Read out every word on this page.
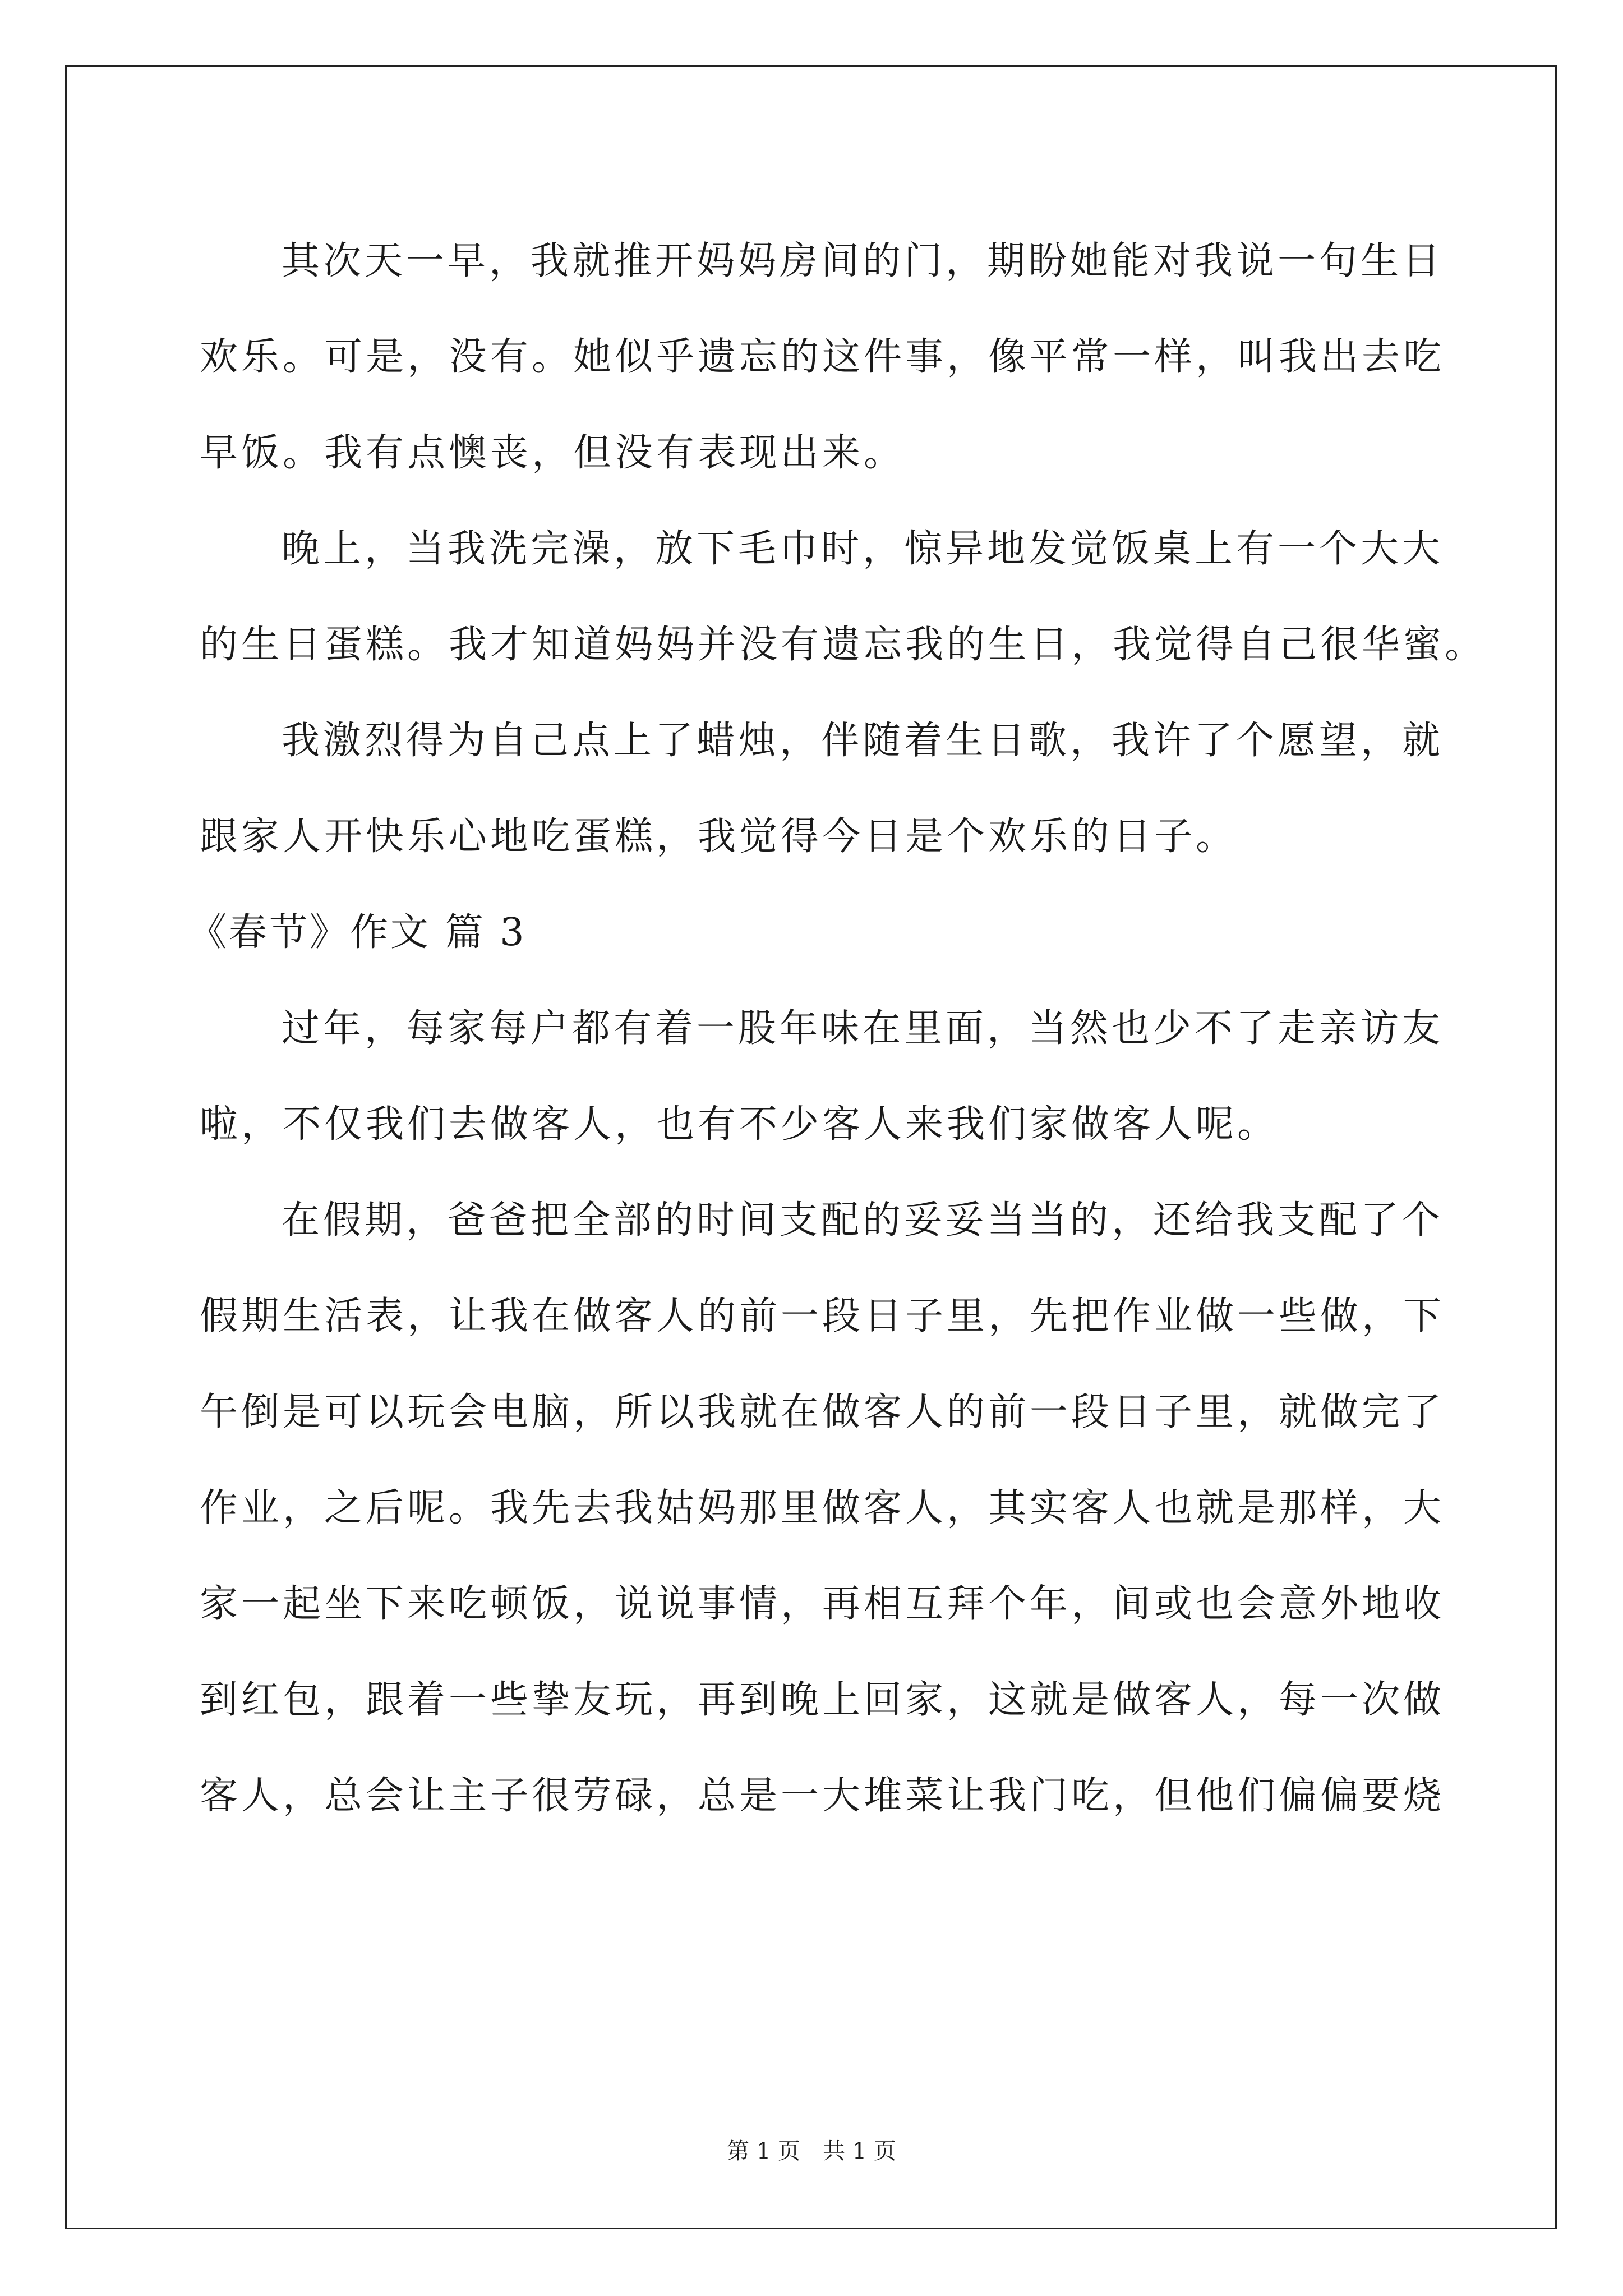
其次天一早，我就推开妈妈房间的门，期盼她能对我说一句生日
欢乐。可是，没有。她似乎遗忘的这件事，像平常一样，叫我出去吃
早饭。我有点懊丧，但没有表现出来。
晚上，当我洗完澡，放下毛巾时，惊异地发觉饭桌上有一个大大
的生日蛋糕。我才知道妈妈并没有遗忘我的生日，我觉得自己很华蜜。
我激烈得为自己点上了蜡烛，伴随着生日歌，我许了个愿望，就
跟家人开快乐心地吃蛋糕，我觉得今日是个欢乐的日子。
《春节》作文 篇 3
过年，每家每户都有着一股年味在里面，当然也少不了走亲访友
啦，不仅我们去做客人，也有不少客人来我们家做客人呢。
在假期，爸爸把全部的时间支配的妥妥当当的，还给我支配了个
假期生活表，让我在做客人的前一段日子里，先把作业做一些做，下
午倒是可以玩会电脑，所以我就在做客人的前一段日子里，就做完了
作业，之后呢。我先去我姑妈那里做客人，其实客人也就是那样，大
家一起坐下来吃顿饭，说说事情，再相互拜个年，间或也会意外地收
到红包，跟着一些挚友玩，再到晚上回家，这就是做客人，每一次做
客人，总会让主子很劳碌，总是一大堆菜让我门吃，但他们偏偏要烧
第 1 页　共 1 页
